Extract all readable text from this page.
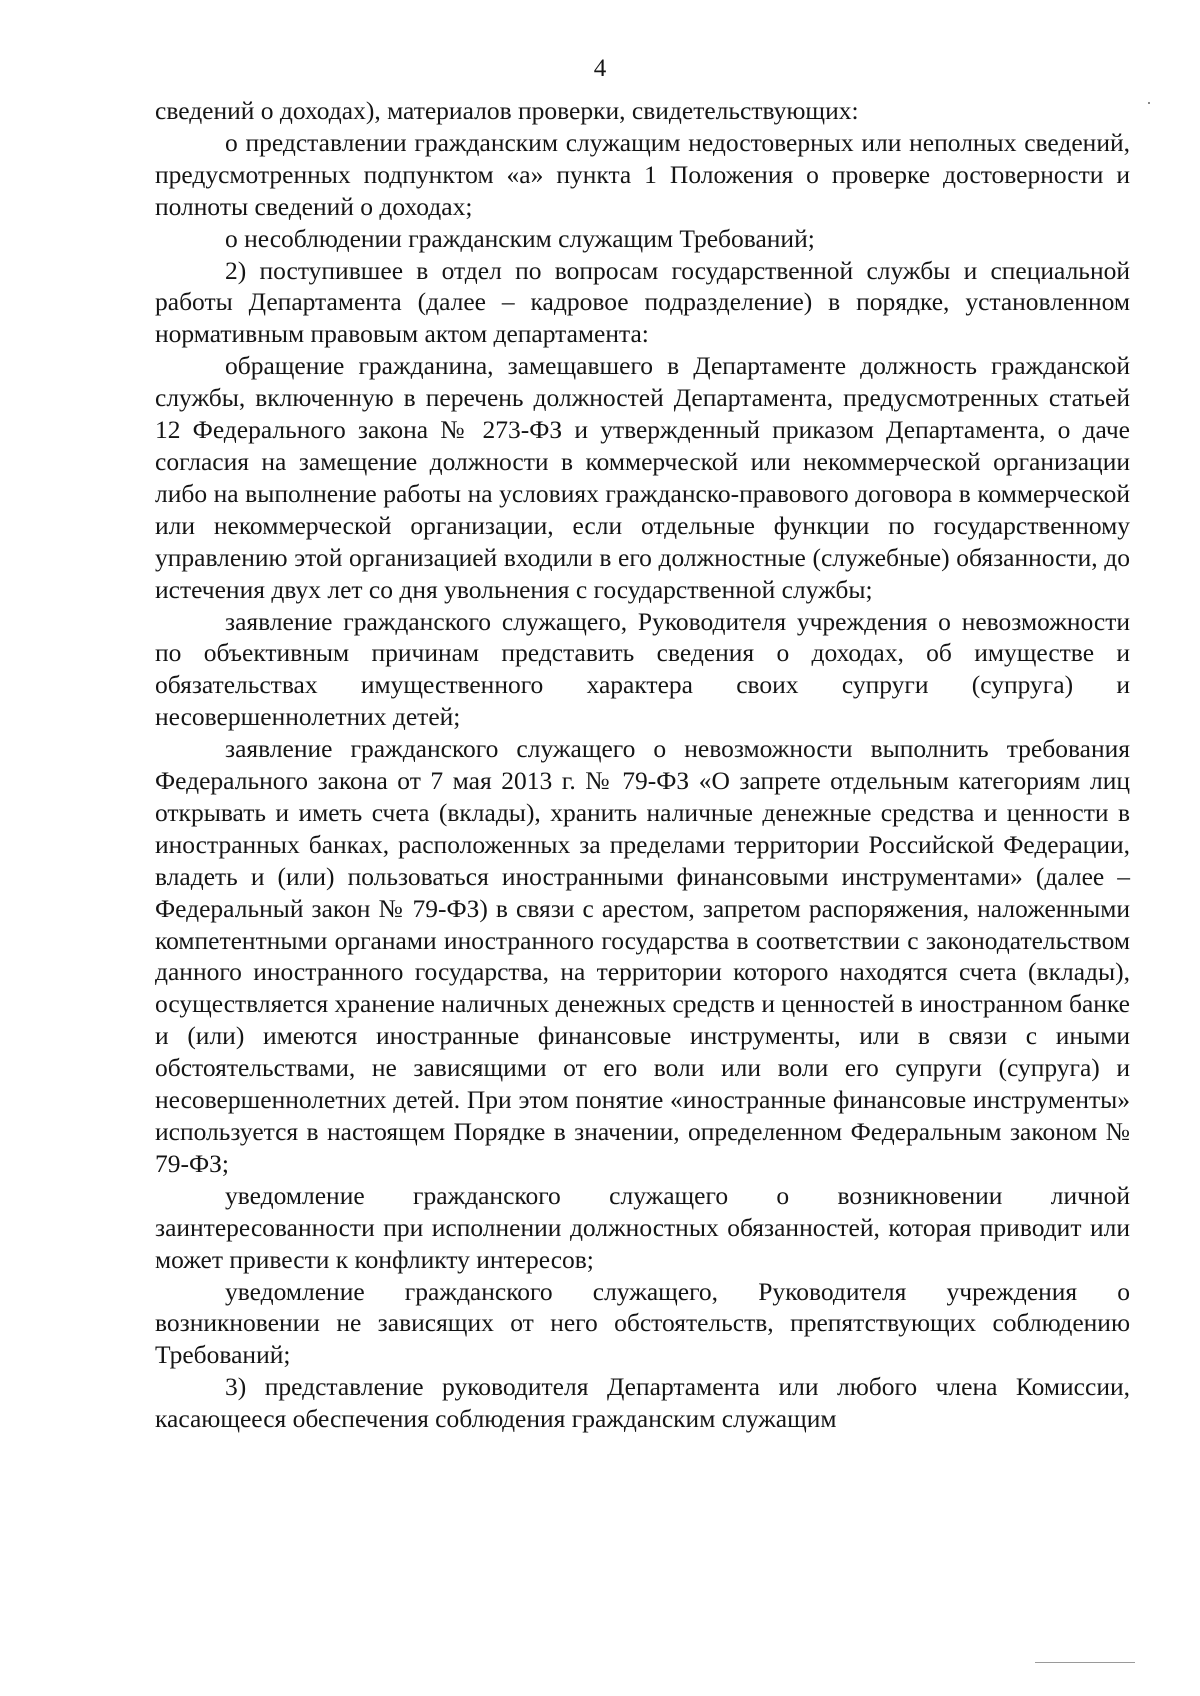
4

сведений о доходах), материалов проверки, свидетельствующих:

о представлении гражданским служащим недостоверных или неполных сведений, предусмотренных подпунктом «а» пункта 1 Положения о проверке достоверности и полноты сведений о доходах;

о несоблюдении гражданским служащим Требований;

2) поступившее в отдел по вопросам государственной службы и специальной работы Департамента (далее – кадровое подразделение) в порядке, установленном нормативным правовым актом департамента:

обращение гражданина, замещавшего в Департаменте должность гражданской службы, включенную в перечень должностей Департамента, предусмотренных статьей 12 Федерального закона № 273-ФЗ и утвержденный приказом Департамента, о даче согласия на замещение должности в коммерческой или некоммерческой организации либо на выполнение работы на условиях гражданско-правового договора в коммерческой или некоммерческой организации, если отдельные функции по государственному управлению этой организацией входили в его должностные (служебные) обязанности, до истечения двух лет со дня увольнения с государственной службы;

заявление гражданского служащего, Руководителя учреждения о невозможности по объективным причинам представить сведения о доходах, об имуществе и обязательствах имущественного характера своих супруги (супруга) и несовершеннолетних детей;

заявление гражданского служащего о невозможности выполнить требования Федерального закона от 7 мая 2013 г. № 79-ФЗ «О запрете отдельным категориям лиц открывать и иметь счета (вклады), хранить наличные денежные средства и ценности в иностранных банках, расположенных за пределами территории Российской Федерации, владеть и (или) пользоваться иностранными финансовыми инструментами» (далее – Федеральный закон № 79-ФЗ) в связи с арестом, запретом распоряжения, наложенными компетентными органами иностранного государства в соответствии с законодательством данного иностранного государства, на территории которого находятся счета (вклады), осуществляется хранение наличных денежных средств и ценностей в иностранном банке и (или) имеются иностранные финансовые инструменты, или в связи с иными обстоятельствами, не зависящими от его воли или воли его супруги (супруга) и несовершеннолетних детей. При этом понятие «иностранные финансовые инструменты» используется в настоящем Порядке в значении, определенном Федеральным законом № 79-ФЗ;

уведомление гражданского служащего о возникновении личной заинтересованности при исполнении должностных обязанностей, которая приводит или может привести к конфликту интересов;

уведомление гражданского служащего, Руководителя учреждения о возникновении не зависящих от него обстоятельств, препятствующих соблюдению Требований;

3) представление руководителя Департамента или любого члена Комиссии, касающееся обеспечения соблюдения гражданским служащим
